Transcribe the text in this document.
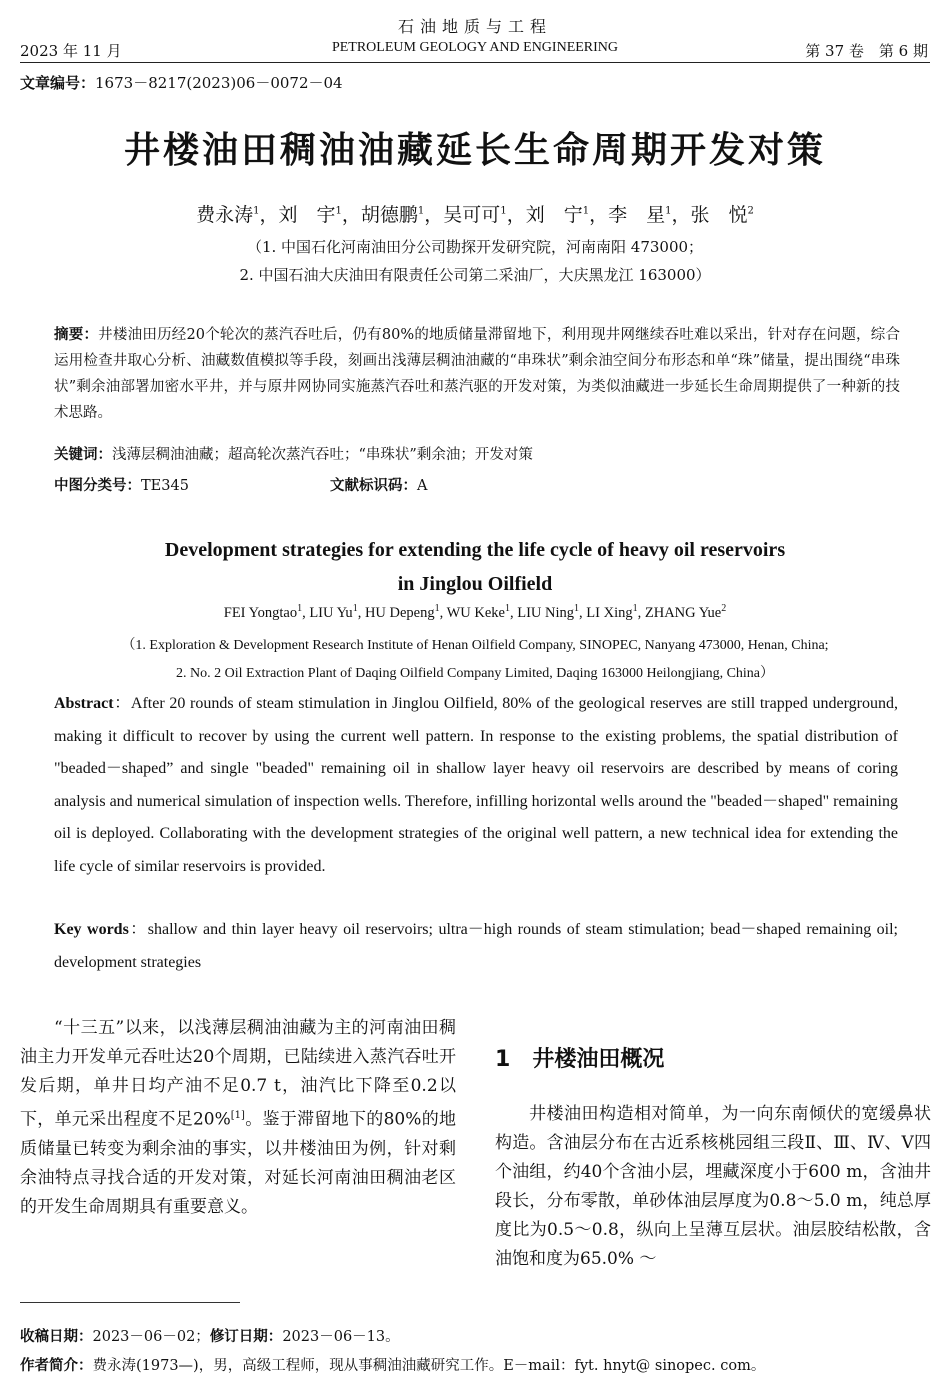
石油地质与工程
2023 年 11 月	PETROLEUM GEOLOGY AND ENGINEERING	第 37 卷　第 6 期
文章编号：1673－8217(2023)06－0072－04
井楼油田稠油油藏延长生命周期开发对策
费永涛$^1$，刘　宇$^1$，胡德鹏$^1$，吴可可$^1$，刘　宁$^1$，李　星$^1$，张　悦$^2$
（1. 中国石化河南油田分公司勘探开发研究院，河南南阳 473000；
2. 中国石油大庆油田有限责任公司第二采油厂，大庆黑龙江 163000）
摘要：井楼油田历经20个轮次的蒸汽吞吐后，仍有80%的地质储量滞留地下，利用现井网继续吞吐难以采出，针对存在问题，综合运用检查井取心分析、油藏数值模拟等手段，刻画出浅薄层稠油油藏的“串珠状”剩余油空间分布形态和单“珠”储量，提出围绕“串珠状”剩余油部署加密水平井，并与原井网协同实施蒸汽吞吐和蒸汽驱的开发对策，为类似油藏进一步延长生命周期提供了一种新的技术思路。
关键词：浅薄层稠油油藏；超高轮次蒸汽吞吐；“串珠状”剩余油；开发对策
中图分类号：TE345	文献标识码：A
Development strategies for extending the life cycle of heavy oil reservoirs
in Jinglou Oilfield
FEI Yongtao$^1$, LIU Yu$^1$, HU Depeng$^1$, WU Keke$^1$, LIU Ning$^1$, LI Xing$^1$, ZHANG Yue$^2$
（1. Exploration & Development Research Institute of Henan Oilfield Company, SINOPEC, Nanyang 473000, Henan, China;
2. No. 2 Oil Extraction Plant of Daqing Oilfield Company Limited, Daqing 163000 Heilongjiang, China）
Abstract：After 20 rounds of steam stimulation in Jinglou Oilfield, 80% of the geological reserves are still trapped underground, making it difficult to recover by using the current well pattern. In response to the existing problems, the spatial distribution of "beaded－shaped” and single "beaded" remaining oil in shallow layer heavy oil reservoirs are described by means of coring analysis and numerical simulation of inspection wells. Therefore, infilling horizontal wells around the "beaded－shaped" remaining oil is deployed. Collaborating with the development strategies of the original well pattern, a new technical idea for extending the life cycle of similar reservoirs is provided.
Key words：shallow and thin layer heavy oil reservoirs; ultra－high rounds of steam stimulation; bead－shaped remaining oil; development strategies
“十三五”以来，以浅薄层稠油油藏为主的河南油田稠油主力开发单元吞吐达20个周期，已陆续进入蒸汽吞吐开发后期，单井日均产油不足0.7 t，油汽比下降至0.2以下，单元采出程度不足20%[1]。鉴于滞留地下的80%的地质储量已转变为剩余油的事实，以井楼油田为例，针对剩余油特点寻找合适的开发对策，对延长河南油田稠油老区的开发生命周期具有重要意义。
1 井楼油田概况
井楼油田构造相对简单，为一向东南倾伏的宽缓鼻状构造。含油层分布在古近系核桃园组三段Ⅱ、Ⅲ、Ⅳ、Ⅴ四个油组，约40个含油小层，埋藏深度小于600 m，含油井段长，分布零散，单砂体油层厚度为0.8～5.0 m，纯总厚度比为0.5～0.8，纵向上呈薄互层状。油层胶结松散，含油饱和度为65.0% ～
收稿日期：2023－06－02；修订日期：2023－06－13。
作者简介：费永涛(1973—)，男，高级工程师，现从事稠油油藏研究工作。E－mail：fyt. hnyt@ sinopec. com。
